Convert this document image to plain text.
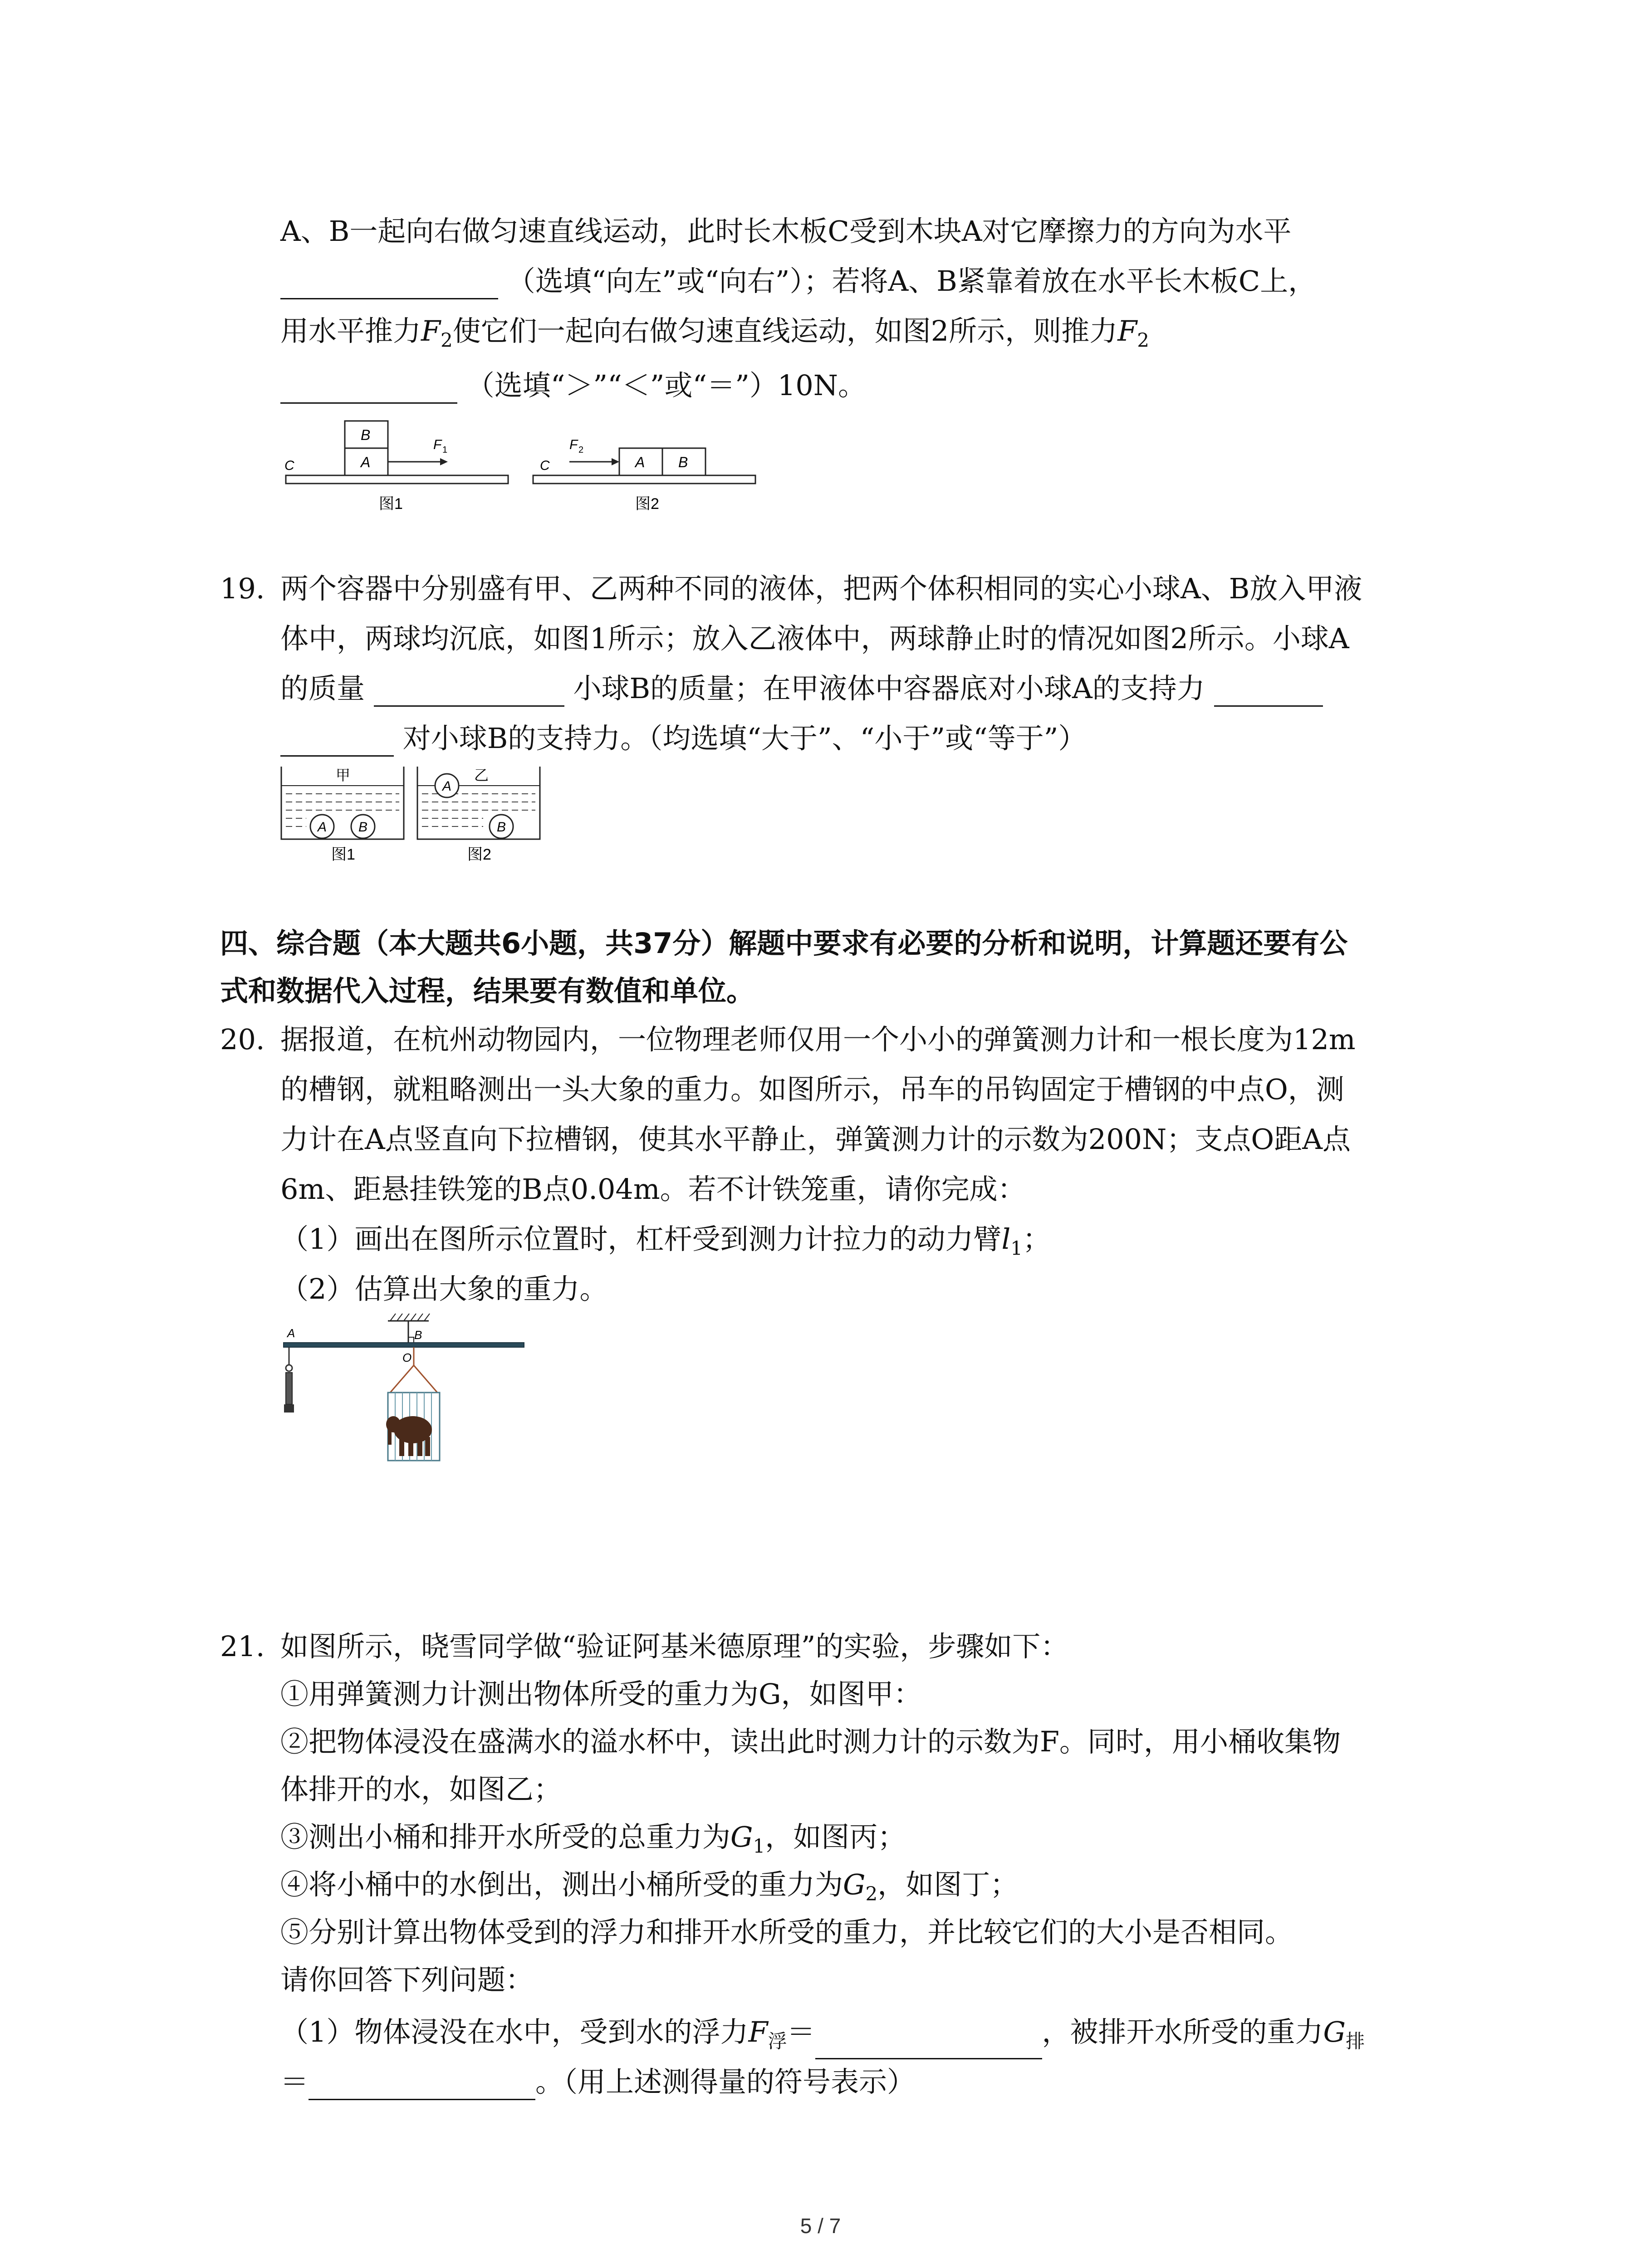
A、B一起向右做匀速直线运动，此时长木板C受到木块A对它摩擦力的方向为水平
（选填“向左”或“向右”）；若将A、B紧靠着放在水平长木板C上，
用水平推力$F_2$使它们一起向右做匀速直线运动，如图2所示，则推力$F_2$
（选填“＞”“＜”或“＝”）10N。
B
A
F 1
C
图1
A B
F 2
C
图2
19. 两个容器中分别盛有甲、乙两种不同的液体，把两个体积相同的实心小球A、B放入甲液
体中，两球均沉底，如图1所示；放入乙液体中，两球静止时的情况如图2所示。小球A
的质量	小球B的质量；在甲液体中容器底对小球A的支持力
对小球B的支持力。（均选填“大于”、“小于”或“等于”）
甲
A B
图1
乙
A
B
图2
四、综合题（本大题共6小题，共37分）解题中要求有必要的分析和说明，计算题还要有公
式和数据代入过程，结果要有数值和单位。
20. 据报道，在杭州动物园内，一位物理老师仅用一个小小的弹簧测力计和一根长度为12m
的槽钢，就粗略测出一头大象的重力。如图所示，吊车的吊钩固定于槽钢的中点O，测
力计在A点竖直向下拉槽钢，使其水平静止，弹簧测力计的示数为200N；支点O距A点
6m、距悬挂铁笼的B点0.04m。若不计铁笼重，请你完成：
（1）画出在图所示位置时，杠杆受到测力计拉力的动力臂$l_1$；
（2）估算出大象的重力。
A	B
O
21. 如图所示，晓雪同学做“验证阿基米德原理”的实验，步骤如下：
①用弹簧测力计测出物体所受的重力为G，如图甲：
②把物体浸没在盛满水的溢水杯中，读出此时测力计的示数为F。同时，用小桶收集物
体排开的水，如图乙；
③测出小桶和排开水所受的总重力为$G_1$，如图丙；
④将小桶中的水倒出，测出小桶所受的重力为$G_2$，如图丁；
⑤分别计算出物体受到的浮力和排开水所受的重力，并比较它们的大小是否相同。
请你回答下列问题：
（1）物体浸没在水中，受到水的浮力$F_浮=$	，被排开水所受的重力$G_排$
＝	。（用上述测得量的符号表示）
5 / 7
